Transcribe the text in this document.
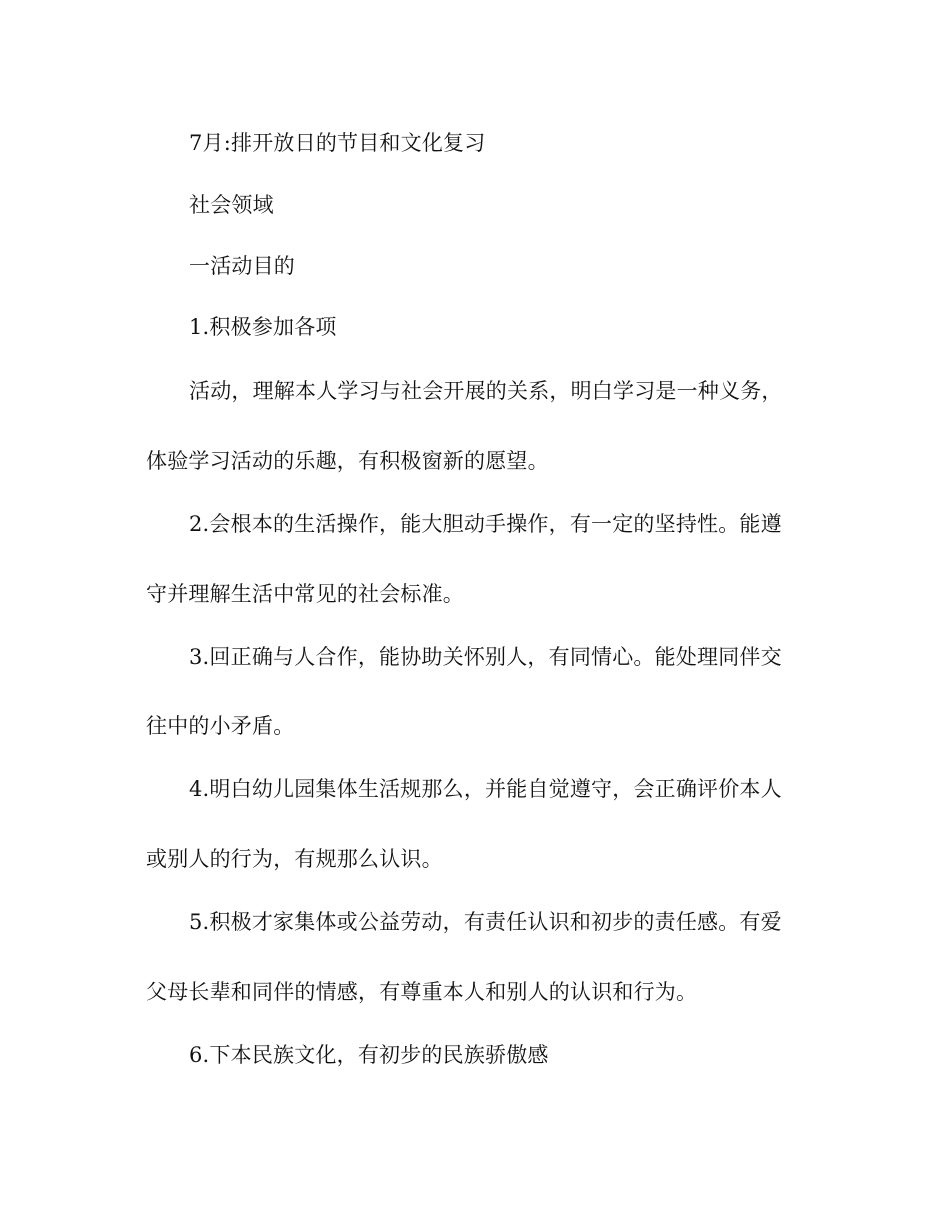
7月:排开放日的节目和文化复习
社会领域
一活动目的
1.积极参加各项
活动，理解本人学习与社会开展的关系，明白学习是一种义务，
体验学习活动的乐趣，有积极窗新的愿望。
2.会根本的生活操作，能大胆动手操作，有一定的坚持性。能遵
守并理解生活中常见的社会标准。
3.回正确与人合作，能协助关怀别人，有同情心。能处理同伴交
往中的小矛盾。
4.明白幼儿园集体生活规那么，并能自觉遵守，会正确评价本人
或别人的行为，有规那么认识。
5.积极才家集体或公益劳动，有责任认识和初步的责任感。有爱
父母长辈和同伴的情感，有尊重本人和别人的认识和行为。
6.下本民族文化，有初步的民族骄傲感
